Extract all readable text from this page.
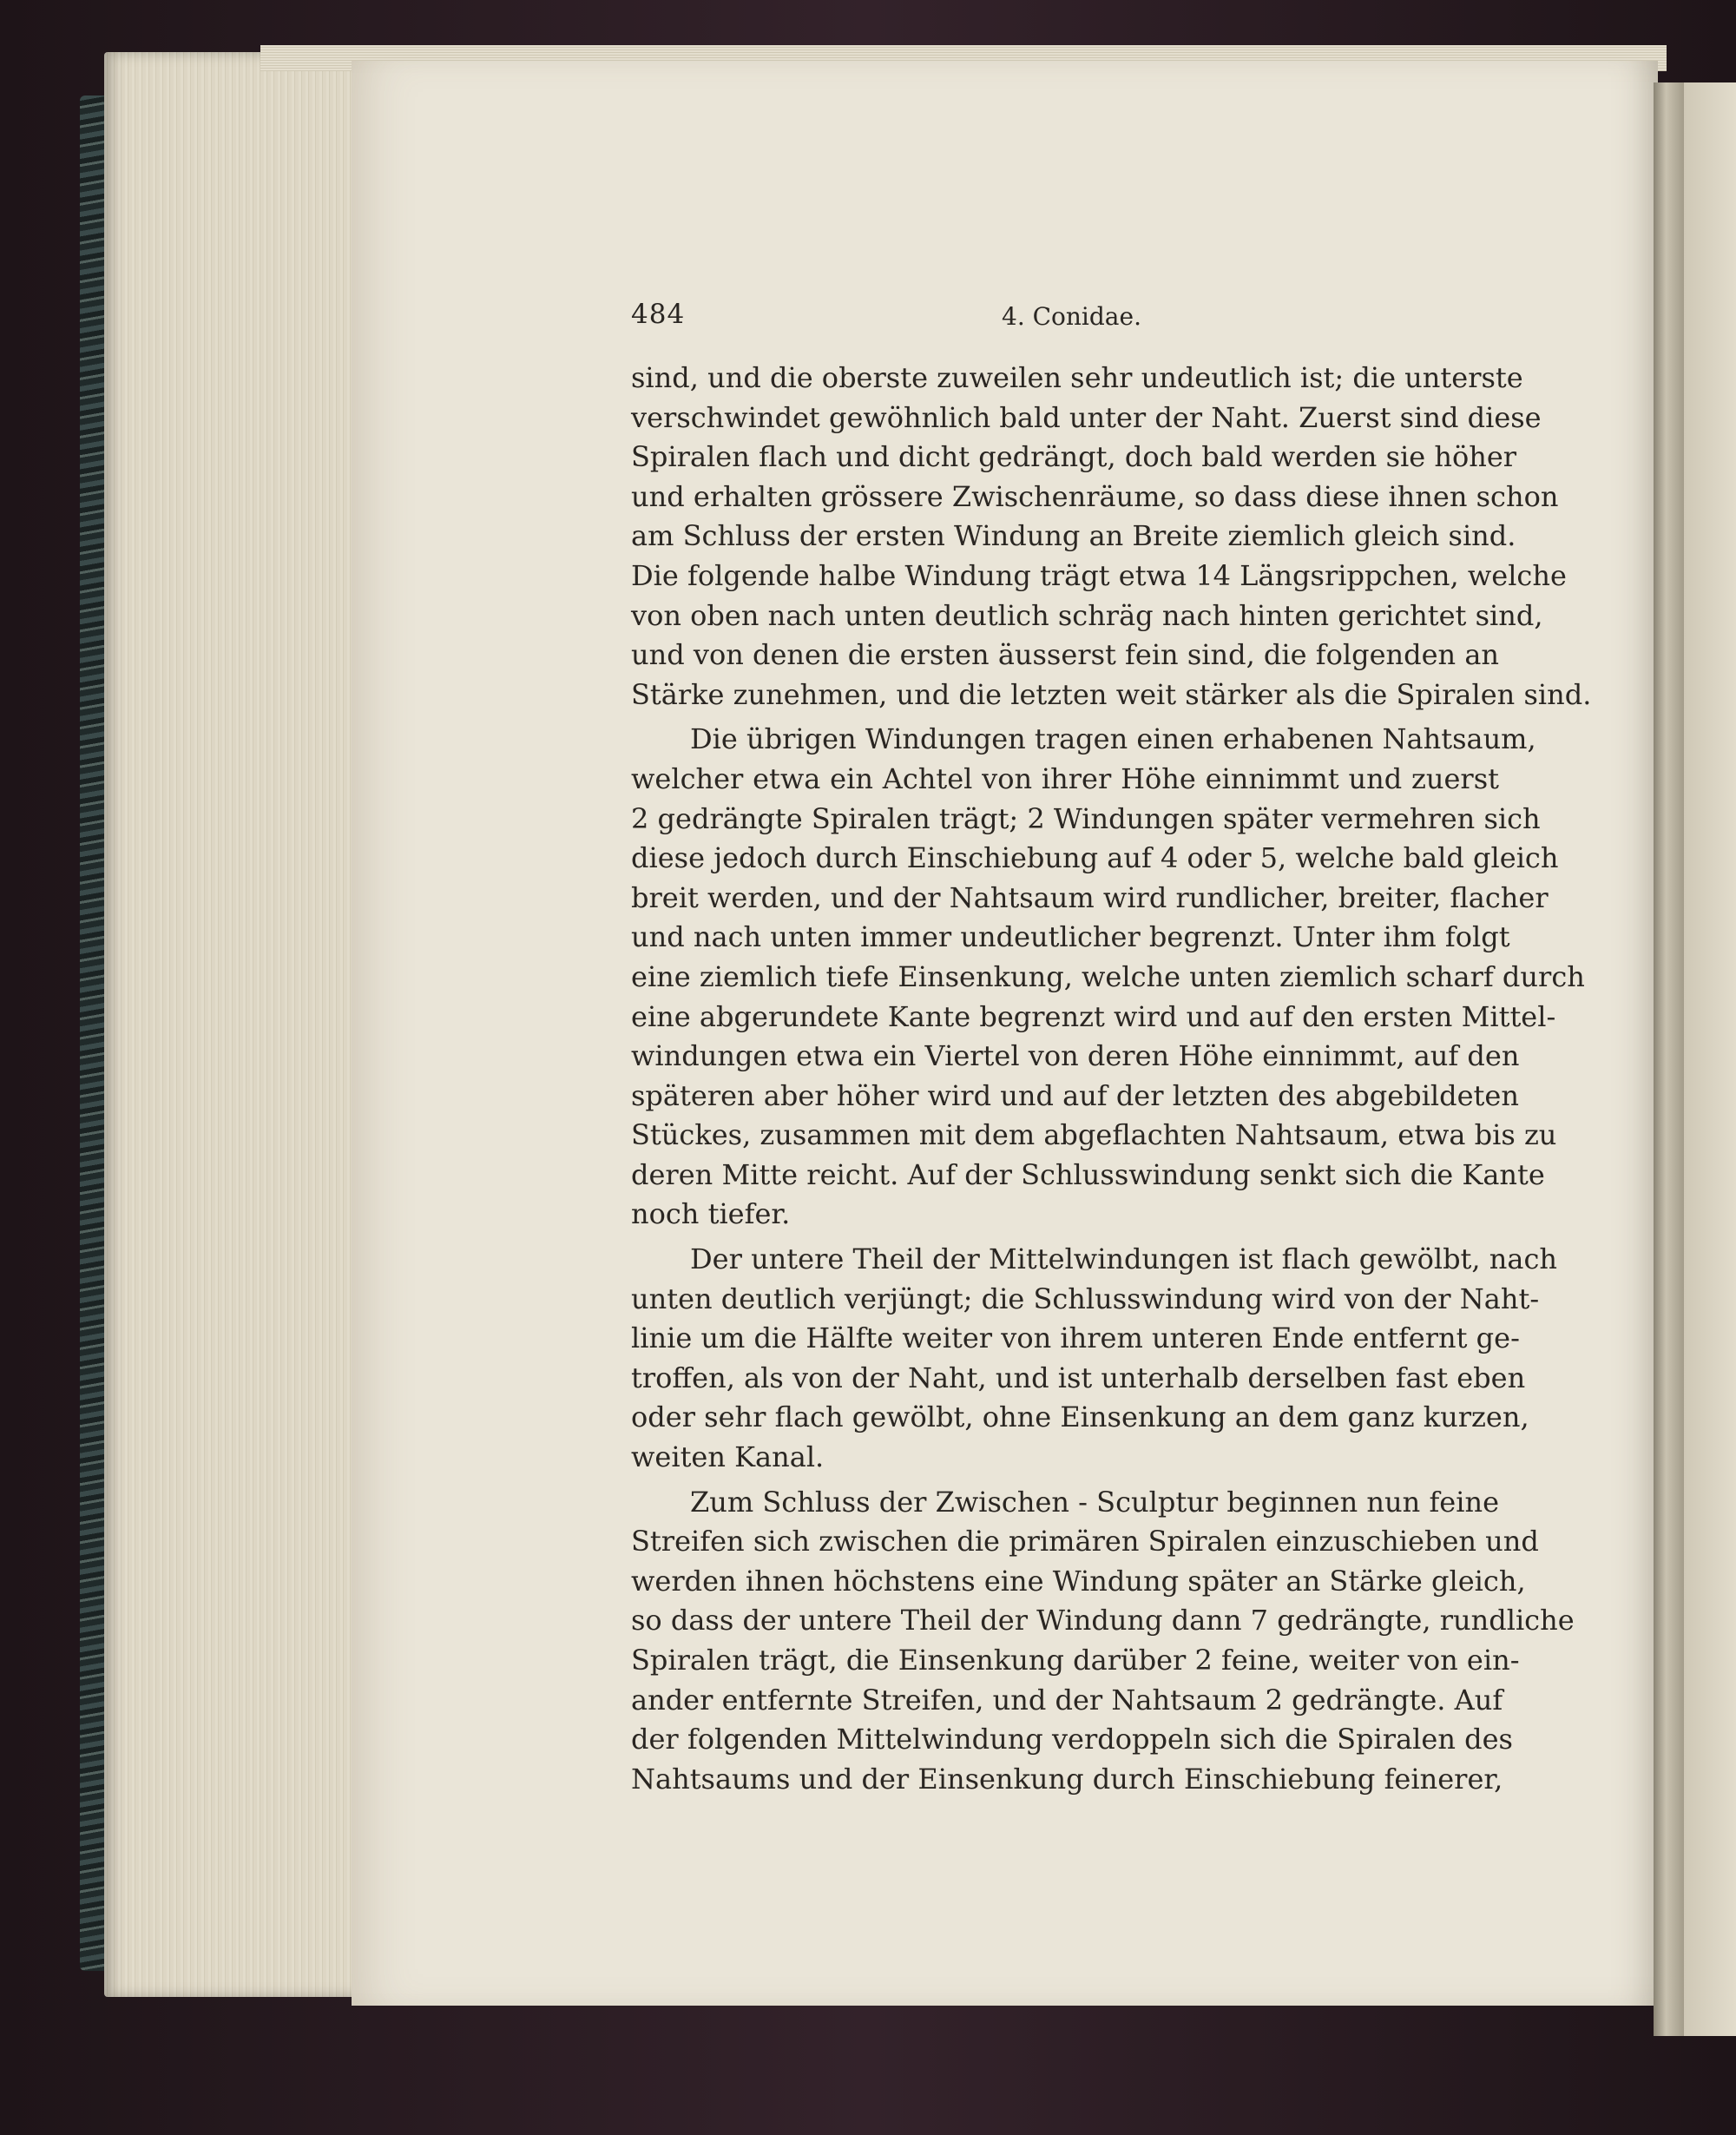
484	4. Conidae.
sind, und die oberste zuweilen sehr undeutlich ist; die unterste
verschwindet gewöhnlich bald unter der Naht. Zuerst sind diese
Spiralen flach und dicht gedrängt, doch bald werden sie höher
und erhalten grössere Zwischenräume, so dass diese ihnen schon
am Schluss der ersten Windung an Breite ziemlich gleich sind.
Die folgende halbe Windung trägt etwa 14 Längsrippchen, welche
von oben nach unten deutlich schräg nach hinten gerichtet sind,
und von denen die ersten äusserst fein sind, die folgenden an
Stärke zunehmen, und die letzten weit stärker als die Spiralen sind.
Die übrigen Windungen tragen einen erhabenen Nahtsaum,
welcher etwa ein Achtel von ihrer Höhe einnimmt und zuerst
2 gedrängte Spiralen trägt; 2 Windungen später vermehren sich
diese jedoch durch Einschiebung auf 4 oder 5, welche bald gleich
breit werden, und der Nahtsaum wird rundlicher, breiter, flacher
und nach unten immer undeutlicher begrenzt. Unter ihm folgt
eine ziemlich tiefe Einsenkung, welche unten ziemlich scharf durch
eine abgerundete Kante begrenzt wird und auf den ersten Mittel-
windungen etwa ein Viertel von deren Höhe einnimmt, auf den
späteren aber höher wird und auf der letzten des abgebildeten
Stückes, zusammen mit dem abgeflachten Nahtsaum, etwa bis zu
deren Mitte reicht. Auf der Schlusswindung senkt sich die Kante
noch tiefer.
Der untere Theil der Mittelwindungen ist flach gewölbt, nach
unten deutlich verjüngt; die Schlusswindung wird von der Naht-
linie um die Hälfte weiter von ihrem unteren Ende entfernt ge-
troffen, als von der Naht, und ist unterhalb derselben fast eben
oder sehr flach gewölbt, ohne Einsenkung an dem ganz kurzen,
weiten Kanal.
Zum Schluss der Zwischen - Sculptur beginnen nun feine
Streifen sich zwischen die primären Spiralen einzuschieben und
werden ihnen höchstens eine Windung später an Stärke gleich,
so dass der untere Theil der Windung dann 7 gedrängte, rundliche
Spiralen trägt, die Einsenkung darüber 2 feine, weiter von ein-
ander entfernte Streifen, und der Nahtsaum 2 gedrängte. Auf
der folgenden Mittelwindung verdoppeln sich die Spiralen des
Nahtsaums und der Einsenkung durch Einschiebung feinerer,
